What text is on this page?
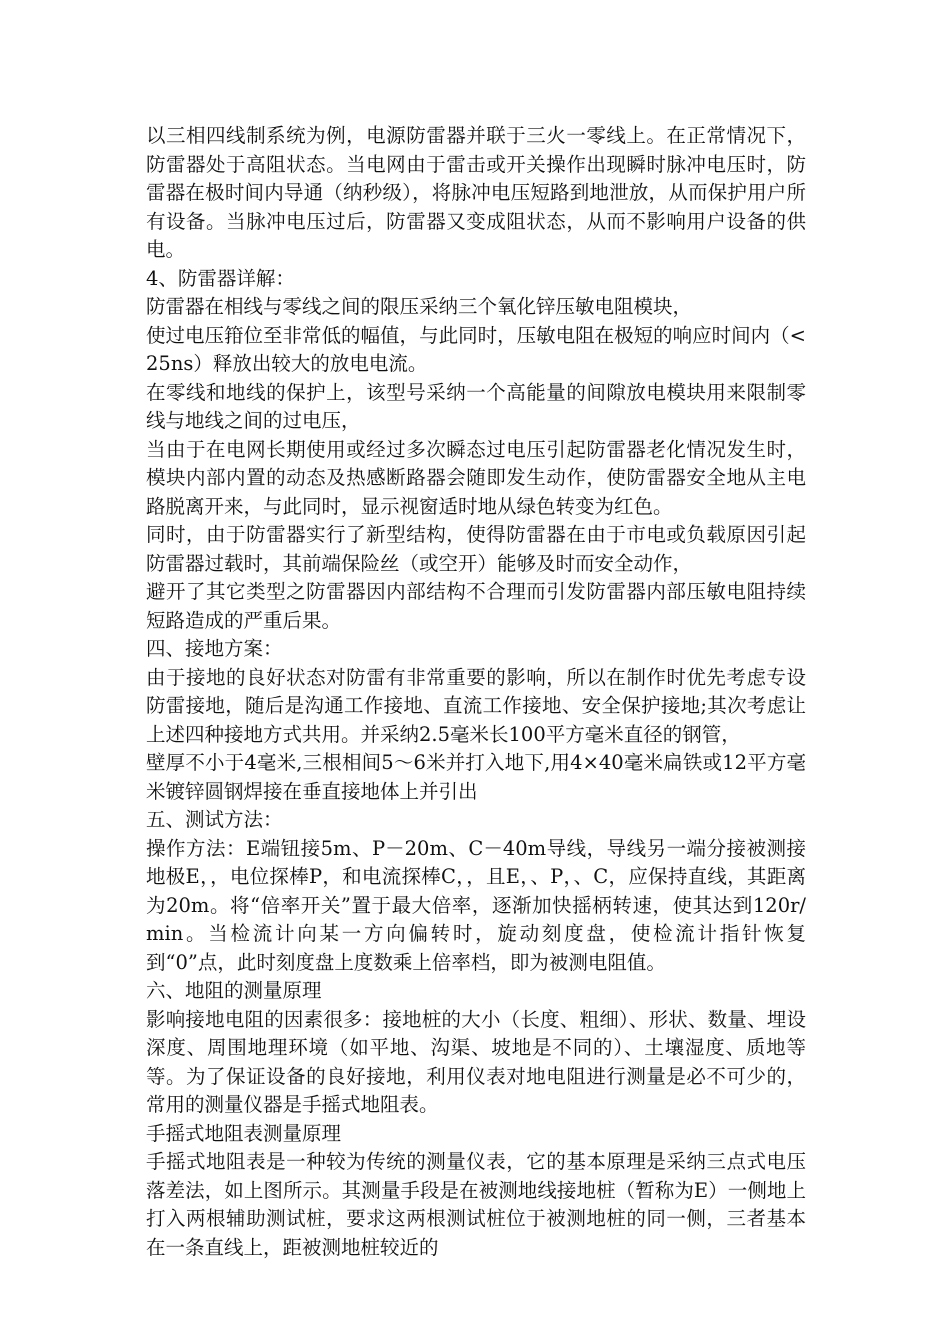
以三相四线制系统为例，电源防雷器并联于三火一零线上。在正常情况下，防雷器处于高阻状态。当电网由于雷击或开关操作出现瞬时脉冲电压时，防雷器在极时间内导通（纳秒级），将脉冲电压短路到地泄放，从而保护用户所有设备。当脉冲电压过后，防雷器又变成阻状态，从而不影响用户设备的供电。

4、防雷器详解：

防雷器在相线与零线之间的限压采纳三个氧化锌压敏电阻模块，

使过电压箝位至非常低的幅值，与此同时，压敏电阻在极短的响应时间内（<25ns）释放出较大的放电电流。

在零线和地线的保护上，该型号采纳一个高能量的间隙放电模块用来限制零线与地线之间的过电压，

当由于在电网长期使用或经过多次瞬态过电压引起防雷器老化情况发生时，模块内部内置的动态及热感断路器会随即发生动作，使防雷器安全地从主电路脱离开来，与此同时，显示视窗适时地从绿色转变为红色。

同时，由于防雷器实行了新型结构，使得防雷器在由于市电或负载原因引起防雷器过载时，其前端保险丝（或空开）能够及时而安全动作，

避开了其它类型之防雷器因内部结构不合理而引发防雷器内部压敏电阻持续短路造成的严重后果。

四、接地方案：

由于接地的良好状态对防雷有非常重要的影响，所以在制作时优先考虑专设防雷接地，随后是沟通工作接地、直流工作接地、安全保护接地;其次考虑让上述四种接地方式共用。并采纳2.5毫米长100平方毫米直径的钢管，

壁厚不小于4毫米,三根相间5～6米并打入地下,用4×40毫米扁铁或12平方毫米镀锌圆钢焊接在垂直接地体上并引出

五、测试方法：

操作方法：E端钮接5m、P－20m、C－40m导线，导线另一端分接被测接地极E，，电位探棒P，和电流探棒C，，且E，、P，、C，应保持直线，其距离为20m。将“倍率开关”置于最大倍率，逐渐加快摇柄转速，使其达到120r/min。当检流计向某一方向偏转时，旋动刻度盘，使检流计指针恢复到“0”点，此时刻度盘上度数乘上倍率档，即为被测电阻值。

六、地阻的测量原理

影响接地电阻的因素很多：接地桩的大小（长度、粗细）、形状、数量、埋设深度、周围地理环境（如平地、沟渠、坡地是不同的）、土壤湿度、质地等等。为了保证设备的良好接地，利用仪表对地电阻进行测量是必不可少的，常用的测量仪器是手摇式地阻表。

手摇式地阻表测量原理

手摇式地阻表是一种较为传统的测量仪表，它的基本原理是采纳三点式电压落差法，如上图所示。其测量手段是在被测地线接地桩（暂称为E）一侧地上打入两根辅助测试桩，要求这两根测试桩位于被测地桩的同一侧，三者基本在一条直线上，距被测地桩较近的
